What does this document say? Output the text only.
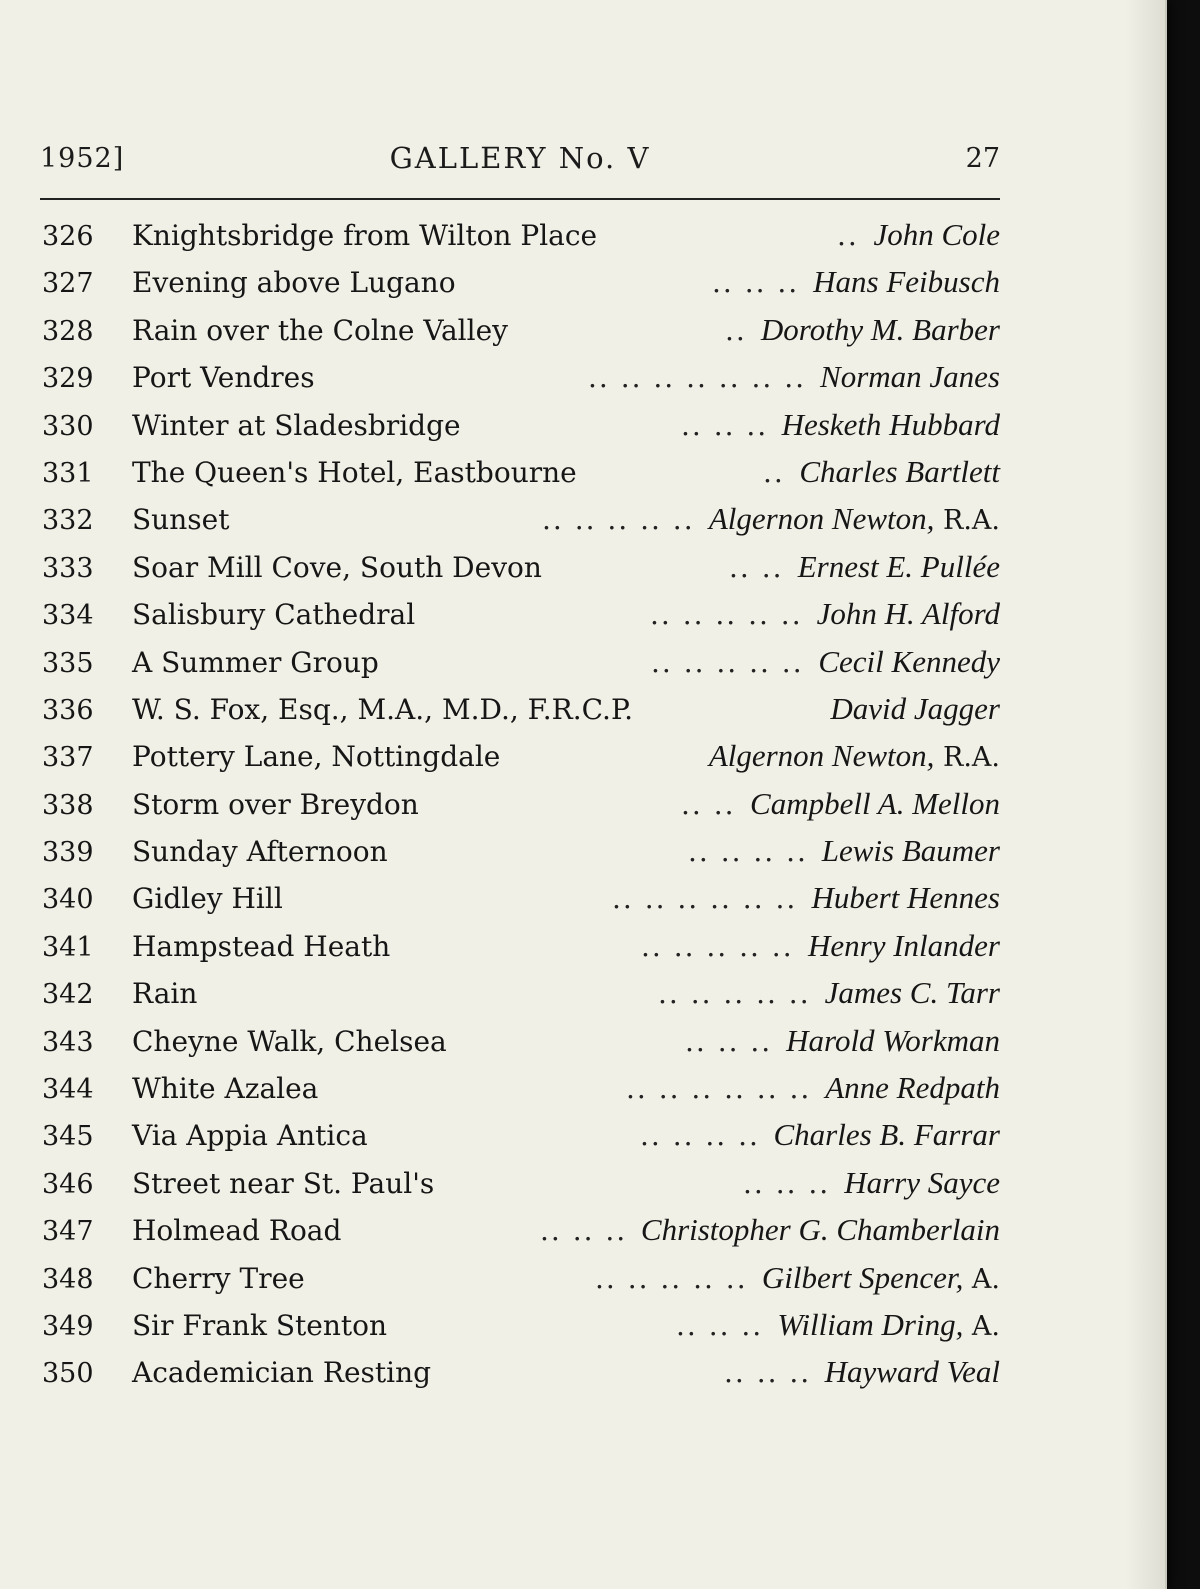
1952]	GALLERY No. V	27
326 Knightsbridge from Wilton Place	.. John Cole
327 Evening above Lugano	.. .. .. Hans Feibusch
328 Rain over the Colne Valley	.. Dorothy M. Barber
329 Port Vendres	.. .. .. .. .. .. .. Norman Janes
330 Winter at Sladesbridge	.. .. .. Hesketh Hubbard
331 The Queen's Hotel, Eastbourne	.. Charles Bartlett
332 Sunset	.. .. .. .. .. Algernon Newton, R.A.
333 Soar Mill Cove, South Devon	.. .. Ernest E. Pullée
334 Salisbury Cathedral	.. .. .. .. .. John H. Alford
335 A Summer Group	.. .. .. .. .. Cecil Kennedy
336 W. S. Fox, Esq., M.A., M.D., F.R.C.P.	David Jagger
337 Pottery Lane, Nottingdale	Algernon Newton, R.A.
338 Storm over Breydon	.. .. Campbell A. Mellon
339 Sunday Afternoon	.. .. .. .. Lewis Baumer
340 Gidley Hill	.. .. .. .. .. .. Hubert Hennes
341 Hampstead Heath	.. .. .. .. .. Henry Inlander
342 Rain	.. .. .. .. .. James C. Tarr
343 Cheyne Walk, Chelsea	.. .. .. Harold Workman
344 White Azalea	.. .. .. .. .. .. Anne Redpath
345 Via Appia Antica	.. .. .. .. Charles B. Farrar
346 Street near St. Paul's	.. .. .. Harry Sayce
347 Holmead Road	.. .. .. Christopher G. Chamberlain
348 Cherry Tree	.. .. .. .. .. Gilbert Spencer, A.
349 Sir Frank Stenton	.. .. .. William Dring, A.
350 Academician Resting	.. .. .. Hayward Veal
